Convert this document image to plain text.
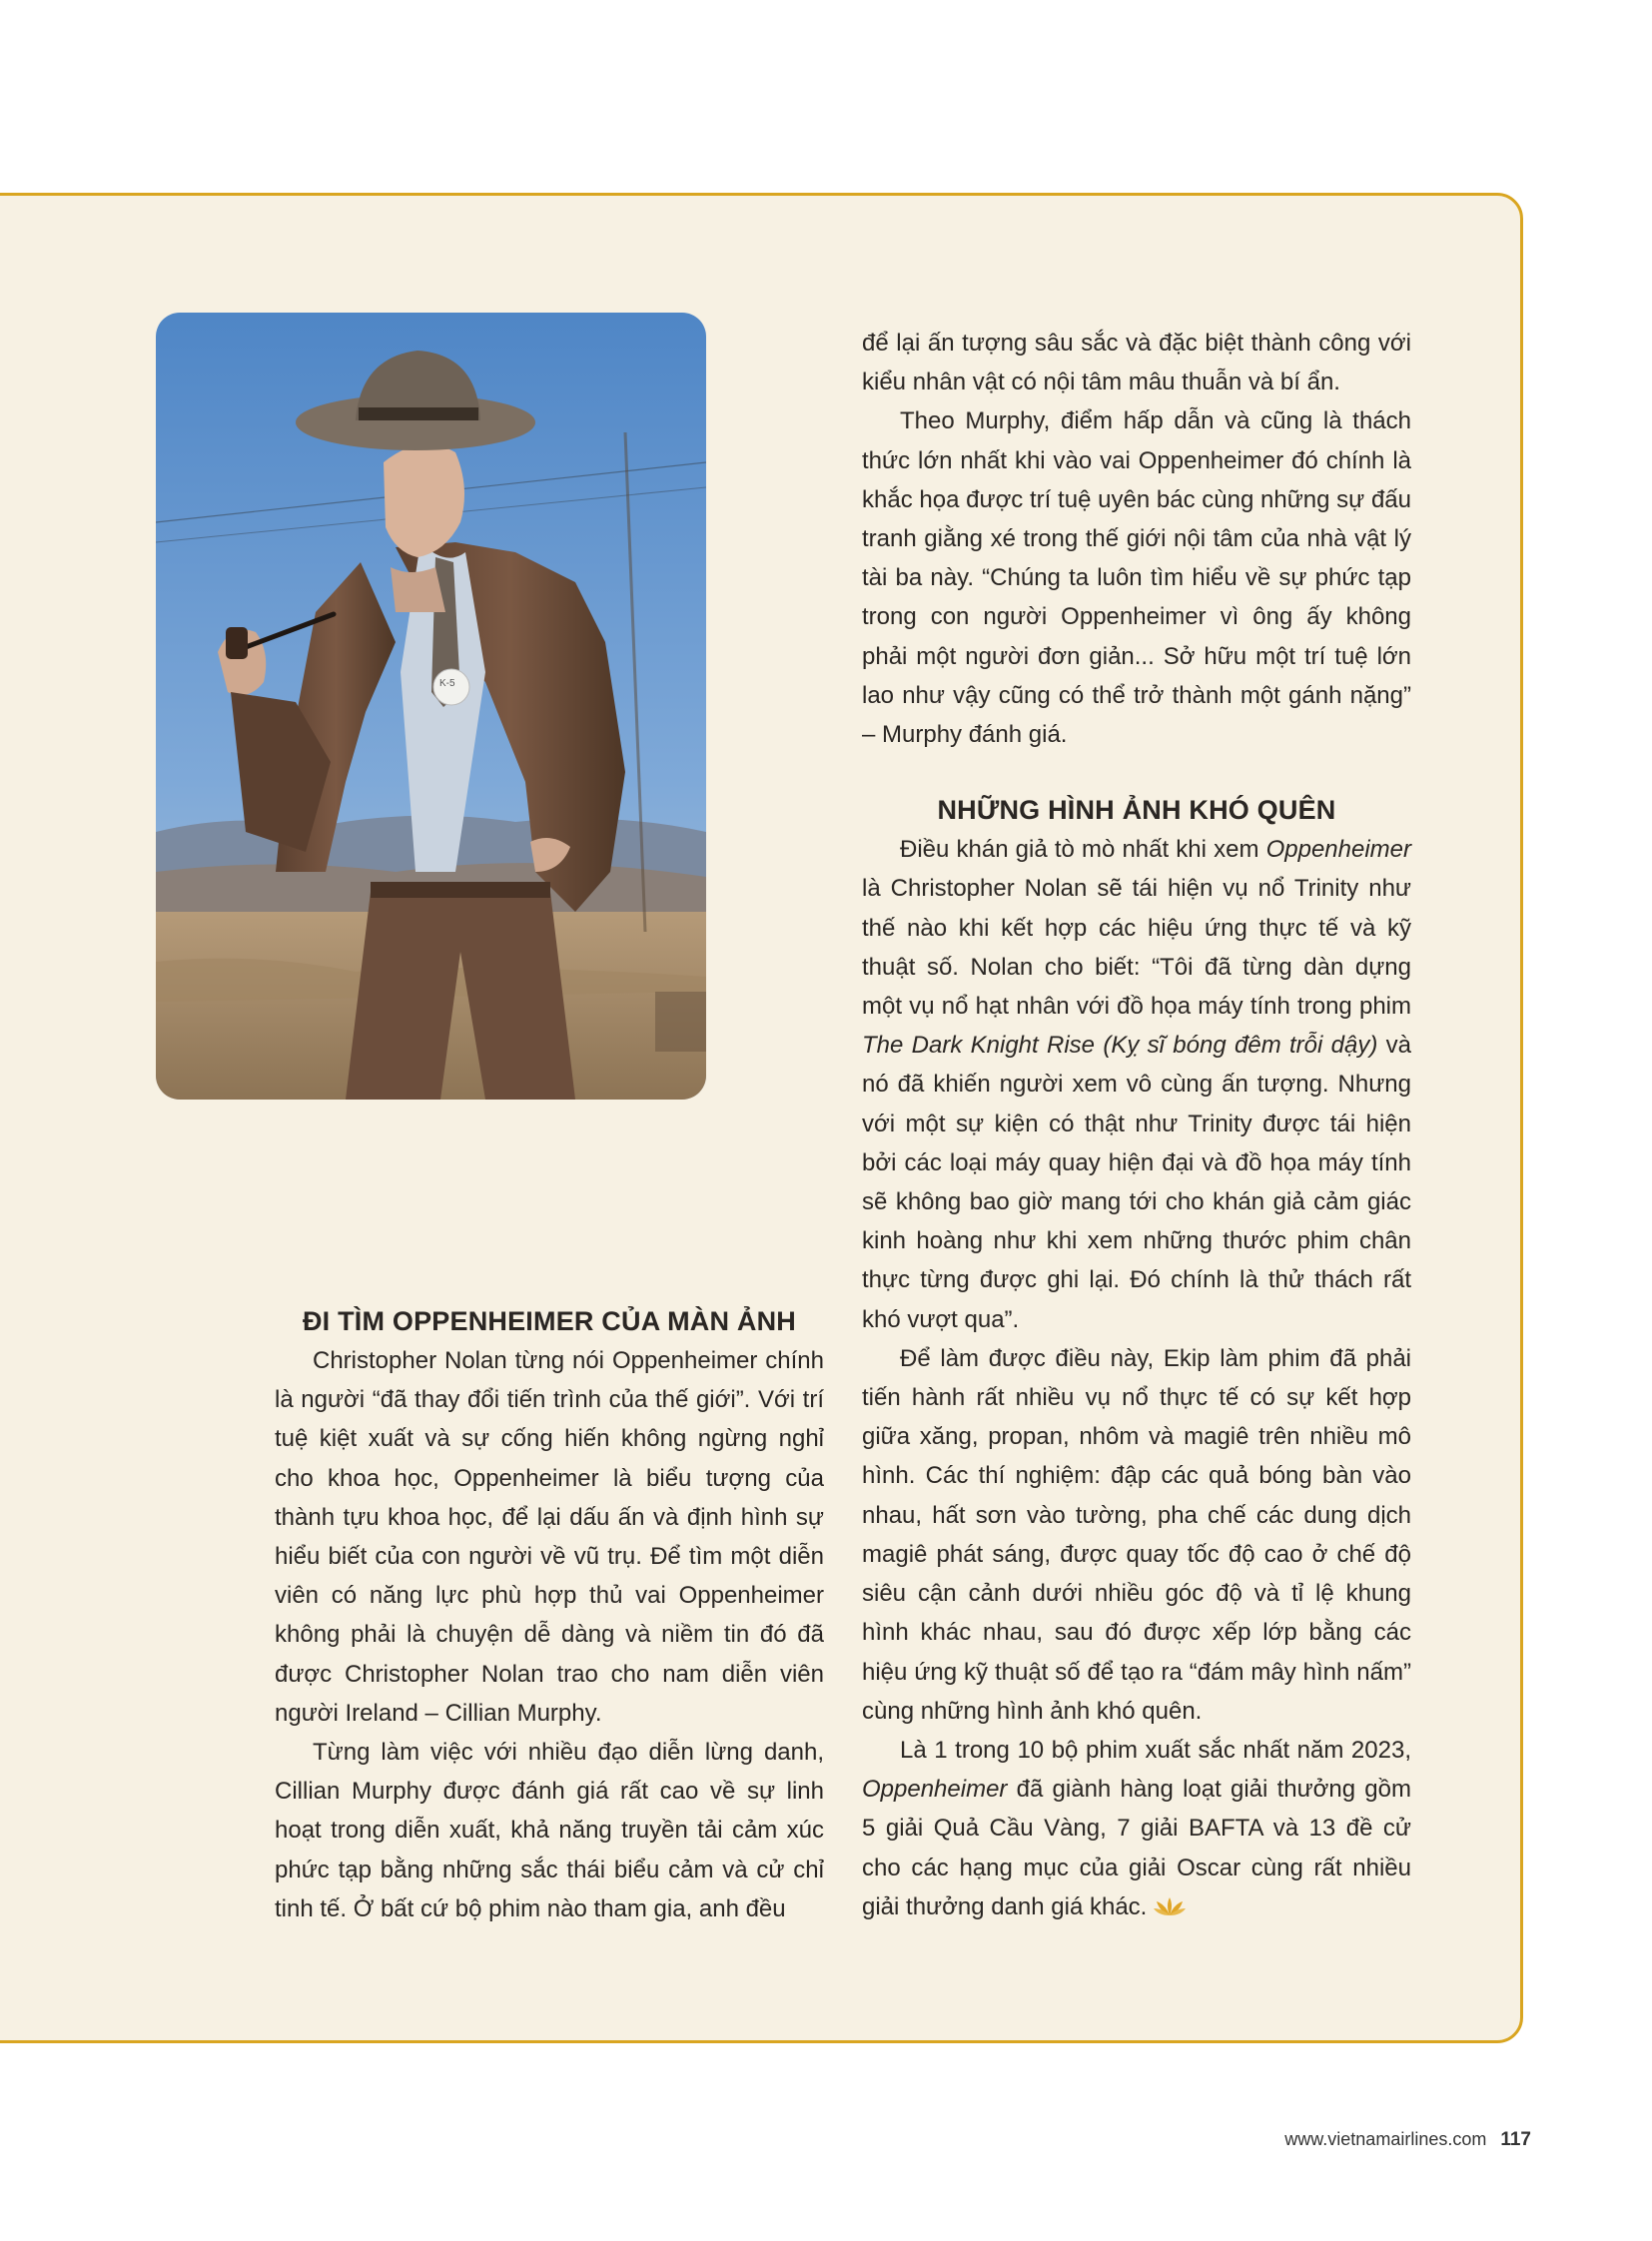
K-5
ĐI TÌM OPPENHEIMER CỦA MÀN ẢNH

Christopher Nolan từng nói Oppenheimer chính là người “đã thay đổi tiến trình của thế giới”. Với trí tuệ kiệt xuất và sự cống hiến không ngừng nghỉ cho khoa học, Oppenheimer là biểu tượng của thành tựu khoa học, để lại dấu ấn và định hình sự hiểu biết của con người về vũ trụ. Để tìm một diễn viên có năng lực phù hợp thủ vai Oppenheimer không phải là chuyện dễ dàng và niềm tin đó đã được Christopher Nolan trao cho nam diễn viên người Ireland – Cillian Murphy.

Từng làm việc với nhiều đạo diễn lừng danh, Cillian Murphy được đánh giá rất cao về sự linh hoạt trong diễn xuất, khả năng truyền tải cảm xúc phức tạp bằng những sắc thái biểu cảm và cử chỉ tinh tế. Ở bất cứ bộ phim nào tham gia, anh đều

để lại ấn tượng sâu sắc và đặc biệt thành công với kiểu nhân vật có nội tâm mâu thuẫn và bí ẩn.

Theo Murphy, điểm hấp dẫn và cũng là thách thức lớn nhất khi vào vai Oppenheimer đó chính là khắc họa được trí tuệ uyên bác cùng những sự đấu tranh giằng xé trong thế giới nội tâm của nhà vật lý tài ba này. “Chúng ta luôn tìm hiểu về sự phức tạp trong con người Oppenheimer vì ông ấy không phải một người đơn giản... Sở hữu một trí tuệ lớn lao như vậy cũng có thể trở thành một gánh nặng” – Murphy đánh giá.

NHỮNG HÌNH ẢNH KHÓ QUÊN

Điều khán giả tò mò nhất khi xem Oppenheimer là Christopher Nolan sẽ tái hiện vụ nổ Trinity như thế nào khi kết hợp các hiệu ứng thực tế và kỹ thuật số. Nolan cho biết: “Tôi đã từng dàn dựng một vụ nổ hạt nhân với đồ họa máy tính trong phim The Dark Knight Rise (Kỵ sĩ bóng đêm trỗi dậy) và nó đã khiến người xem vô cùng ấn tượng. Nhưng với một sự kiện có thật như Trinity được tái hiện bởi các loại máy quay hiện đại và đồ họa máy tính sẽ không bao giờ mang tới cho khán giả cảm giác kinh hoàng như khi xem những thước phim chân thực từng được ghi lại. Đó chính là thử thách rất khó vượt qua”.

Để làm được điều này, Ekip làm phim đã phải tiến hành rất nhiều vụ nổ thực tế có sự kết hợp giữa xăng, propan, nhôm và magiê trên nhiều mô hình. Các thí nghiệm: đập các quả bóng bàn vào nhau, hất sơn vào tường, pha chế các dung dịch magiê phát sáng, được quay tốc độ cao ở chế độ siêu cận cảnh dưới nhiều góc độ và tỉ lệ khung hình khác nhau, sau đó được xếp lớp bằng các hiệu ứng kỹ thuật số để tạo ra “đám mây hình nấm” cùng những hình ảnh khó quên.

Là 1 trong 10 bộ phim xuất sắc nhất năm 2023, Oppenheimer đã giành hàng loạt giải thưởng gồm 5 giải Quả Cầu Vàng, 7 giải BAFTA và 13 đề cử cho các hạng mục của giải Oscar cùng rất nhiều giải thưởng danh giá khác.

www.vietnamairlines.com 117
